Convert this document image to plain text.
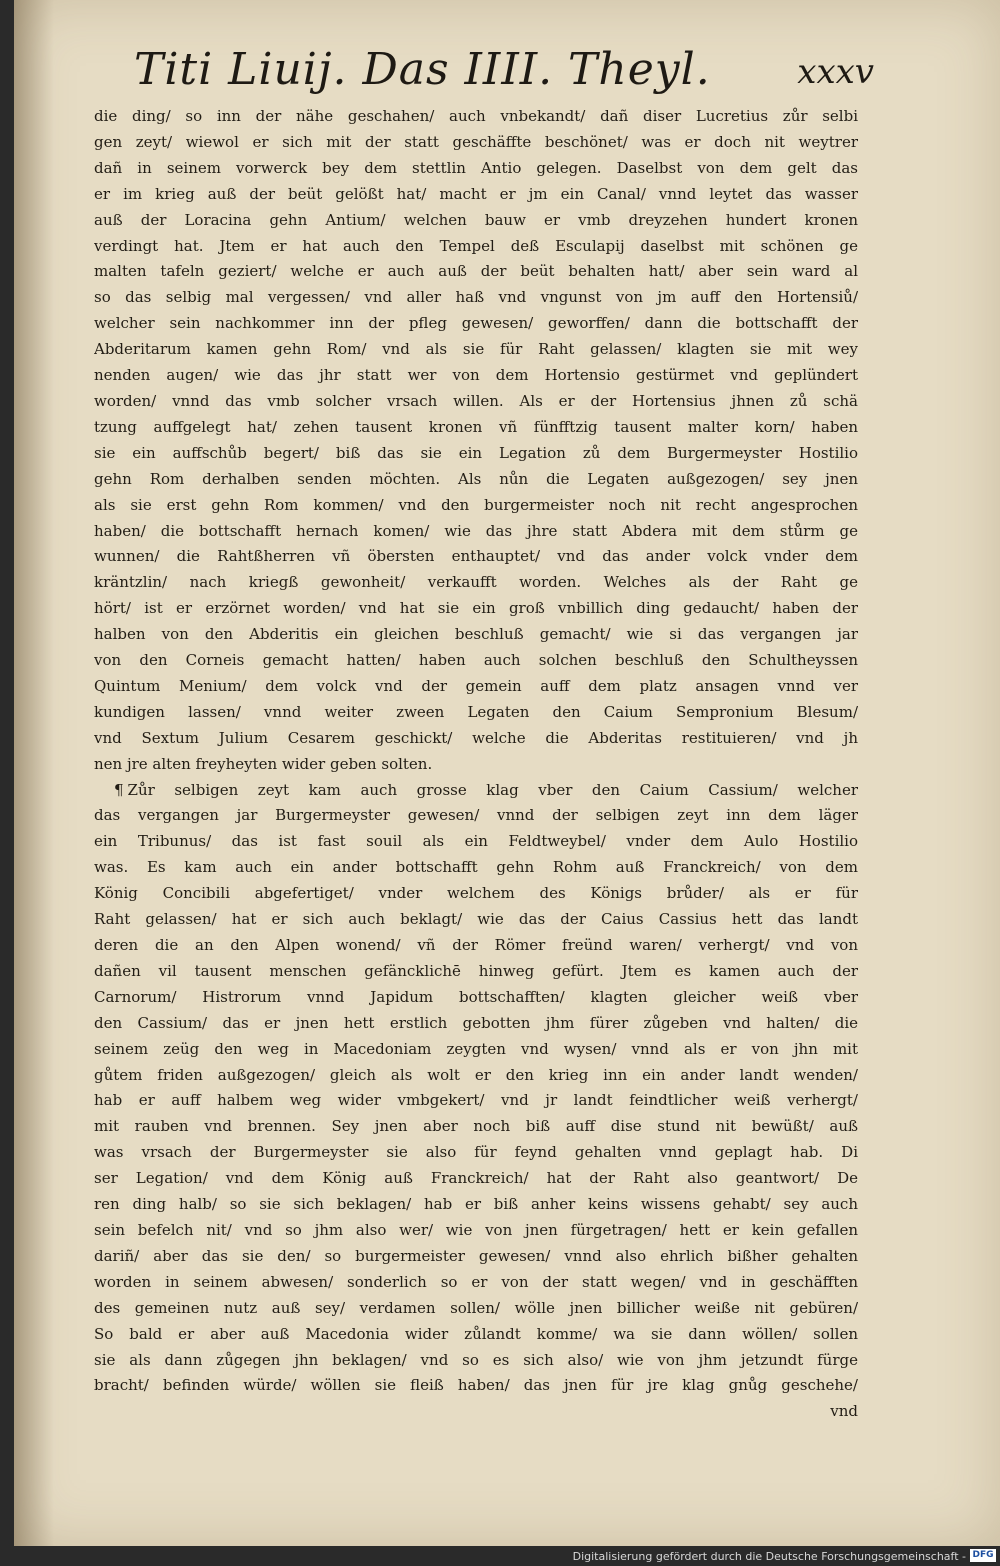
Titi Liuij. Das IIII. Theyl.	xxxv
die ding/ so inn der nähe geschahen/ auch vnbekandt/ dañ diser Lucretius zůr selbi
gen zeyt/ wiewol er sich mit der statt geschäffte beschönet/ was er doch nit weytrer
dañ in seinem vorwerck bey dem stettlin Antio gelegen. Daselbst von dem gelt das
er im krieg auß der beüt gelößt hat/ macht er jm ein Canal/ vnnd leytet das wasser
auß der Loracina gehn Antium/ welchen bauw er vmb dreyzehen hundert kronen
verdingt hat. Jtem er hat auch den Tempel deß Esculapij daselbst mit schönen ge
malten tafeln geziert/ welche er auch auß der beüt behalten hatt/ aber sein ward al
so das selbig mal vergessen/ vnd aller haß vnd vngunst von jm auff den Hortensiů/
welcher sein nachkommer inn der pfleg gewesen/ geworffen/ dann die bottschafft der
Abderitarum kamen gehn Rom/ vnd als sie für Raht gelassen/ klagten sie mit wey
nenden augen/ wie das jhr statt wer von dem Hortensio gestürmet vnd geplündert
worden/ vnnd das vmb solcher vrsach willen. Als er der Hortensius jhnen zů schä
tzung auffgelegt hat/ zehen tausent kronen vñ fünfftzig tausent malter korn/ haben
sie ein auffschůb begert/ biß das sie ein Legation zů dem Burgermeyster Hostilio
gehn Rom derhalben senden möchten. Als nůn die Legaten außgezogen/ sey jnen
als sie erst gehn Rom kommen/ vnd den burgermeister noch nit recht angesprochen
haben/ die bottschafft hernach komen/ wie das jhre statt Abdera mit dem stůrm ge
wunnen/ die Rahtßherren vñ öbersten enthauptet/ vnd das ander volck vnder dem
kräntzlin/ nach kriegß gewonheit/ verkaufft worden. Welches als der Raht ge
hört/ ist er erzörnet worden/ vnd hat sie ein groß vnbillich ding gedaucht/ haben der
halben von den Abderitis ein gleichen beschluß gemacht/ wie si das vergangen jar
von den Corneis gemacht hatten/ haben auch solchen beschluß den Schultheyssen
Quintum Menium/ dem volck vnd der gemein auff dem platz ansagen vnnd ver
kundigen lassen/ vnnd weiter zween Legaten den Caium Sempronium Blesum/
vnd Sextum Julium Cesarem geschickt/ welche die Abderitas restituieren/ vnd jh
nen jre alten freyheyten wider geben solten.
¶ Zůr selbigen zeyt kam auch grosse klag vber den Caium Cassium/ welcher
das vergangen jar Burgermeyster gewesen/ vnnd der selbigen zeyt inn dem läger
ein Tribunus/ das ist fast souil als ein Feldtweybel/ vnder dem Aulo Hostilio
was. Es kam auch ein ander bottschafft gehn Rohm auß Franckreich/ von dem
König Concibili abgefertiget/ vnder welchem des Königs brůder/ als er für
Raht gelassen/ hat er sich auch beklagt/ wie das der Caius Cassius hett das landt
deren die an den Alpen wonend/ vñ der Römer freünd waren/ verhergt/ vnd von
dañen vil tausent menschen gefäncklichē hinweg gefürt. Jtem es kamen auch der
Carnorum/ Histrorum vnnd Japidum bottschafften/ klagten gleicher weiß vber
den Cassium/ das er jnen hett erstlich gebotten jhm fürer zůgeben vnd halten/ die
seinem zeüg den weg in Macedoniam zeygten vnd wysen/ vnnd als er von jhn mit
gůtem friden außgezogen/ gleich als wolt er den krieg inn ein ander landt wenden/
hab er auff halbem weg wider vmbgekert/ vnd jr landt feindtlicher weiß verhergt/
mit rauben vnd brennen. Sey jnen aber noch biß auff dise stund nit bewüßt/ auß
was vrsach der Burgermeyster sie also für feynd gehalten vnnd geplagt hab. Di
ser Legation/ vnd dem König auß Franckreich/ hat der Raht also geantwort/ De
ren ding halb/ so sie sich beklagen/ hab er biß anher keins wissens gehabt/ sey auch
sein befelch nit/ vnd so jhm also wer/ wie von jnen fürgetragen/ hett er kein gefallen
dariñ/ aber das sie den/ so burgermeister gewesen/ vnnd also ehrlich bißher gehalten
worden in seinem abwesen/ sonderlich so er von der statt wegen/ vnd in geschäfften
des gemeinen nutz auß sey/ verdamen sollen/ wölle jnen billicher weiße nit gebüren/
So bald er aber auß Macedonia wider zůlandt komme/ wa sie dann wöllen/ sollen
sie als dann zůgegen jhn beklagen/ vnd so es sich also/ wie von jhm jetzundt fürge
bracht/ befinden würde/ wöllen sie fleiß haben/ das jnen für jre klag gnůg geschehe/
vnd
Digitalisierung gefördert durch die Deutsche Forschungsgemeinschaft - DFG
